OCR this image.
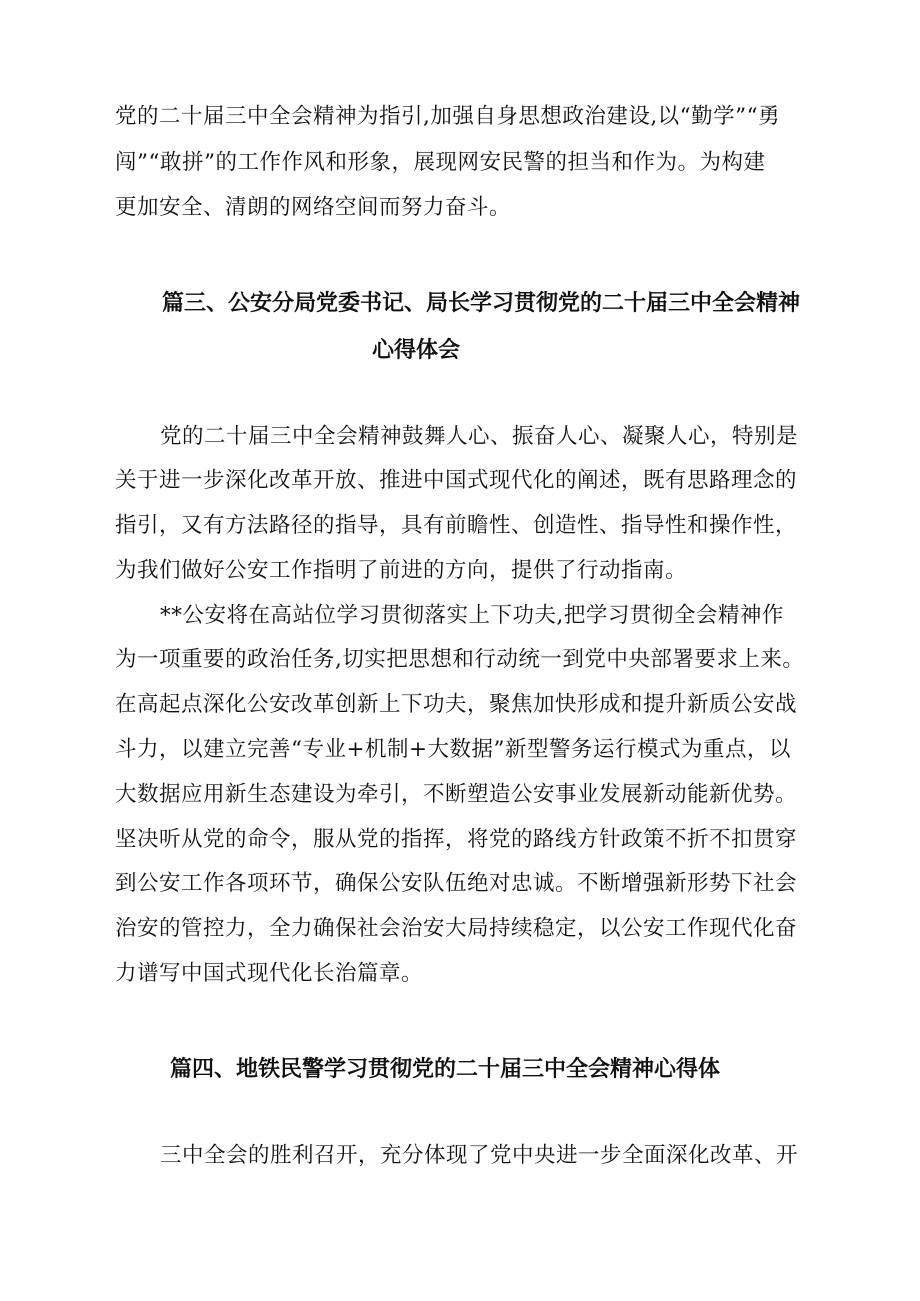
党的二十届三中全会精神为指引,加强自身思想政治建设,以“勤学”“勇
闯”“敢拼”的工作作风和形象，展现网安民警的担当和作为。为构建
更加安全、清朗的网络空间而努力奋斗。
篇三、公安分局党委书记、局长学习贯彻党的二十届三中全会精神
心得体会
党的二十届三中全会精神鼓舞人心、振奋人心、凝聚人心，特别是
关于进一步深化改革开放、推进中国式现代化的阐述，既有思路理念的
指引，又有方法路径的指导，具有前瞻性、创造性、指导性和操作性，
为我们做好公安工作指明了前进的方向，提供了行动指南。
**公安将在高站位学习贯彻落实上下功夫,把学习贯彻全会精神作
为一项重要的政治任务,切实把思想和行动统一到党中央部署要求上来。
在高起点深化公安改革创新上下功夫，聚焦加快形成和提升新质公安战
斗力，以建立完善“专业+机制+大数据”新型警务运行模式为重点，以
大数据应用新生态建设为牵引，不断塑造公安事业发展新动能新优势。
坚决听从党的命令，服从党的指挥，将党的路线方针政策不折不扣贯穿
到公安工作各项环节，确保公安队伍绝对忠诚。不断增强新形势下社会
治安的管控力，全力确保社会治安大局持续稳定，以公安工作现代化奋
力谱写中国式现代化长治篇章。
篇四、地铁民警学习贯彻党的二十届三中全会精神心得体
三中全会的胜利召开，充分体现了党中央进一步全面深化改革、开
